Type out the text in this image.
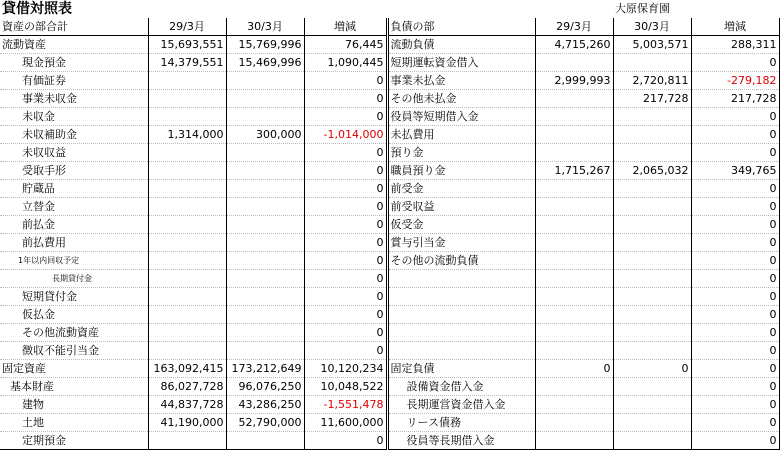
貸借対照表	大原保育園
資産の部合計	29/3月	30/3月	増減	負債の部	29/3月	30/3月	増減
流動資産	15,693,551	15,769,996	76,445	流動負債	4,715,260	5,003,571	288,311
現金預金	14,379,551	15,469,996	1,090,445	短期運転資金借入			0
有価証券			0	事業未払金	2,999,993	2,720,811	-279,182
事業未収金			0	その他未払金		217,728	217,728
未収金			0	役員等短期借入金			0
未収補助金	1,314,000	300,000	-1,014,000	未払費用			0
未収収益			0	預り金			0
受取手形			0	職員預り金	1,715,267	2,065,032	349,765
貯蔵品			0	前受金			0
立替金			0	前受収益			0
前払金			0	仮受金			0
前払費用			0	賞与引当金			0
1年以内回収予定			0	その他の流動負債			0
長期貸付金			0				0
短期貸付金			0				0
仮払金			0				0
その他流動資産			0				0
徴収不能引当金			0				0
固定資産	163,092,415	173,212,649	10,120,234	固定負債	0	0	0
基本財産	86,027,728	96,076,250	10,048,522	設備資金借入金			0
建物	44,837,728	43,286,250	-1,551,478	長期運営資金借入金			0
土地	41,190,000	52,790,000	11,600,000	リース債務			0
定期預金			0	役員等長期借入金			0
